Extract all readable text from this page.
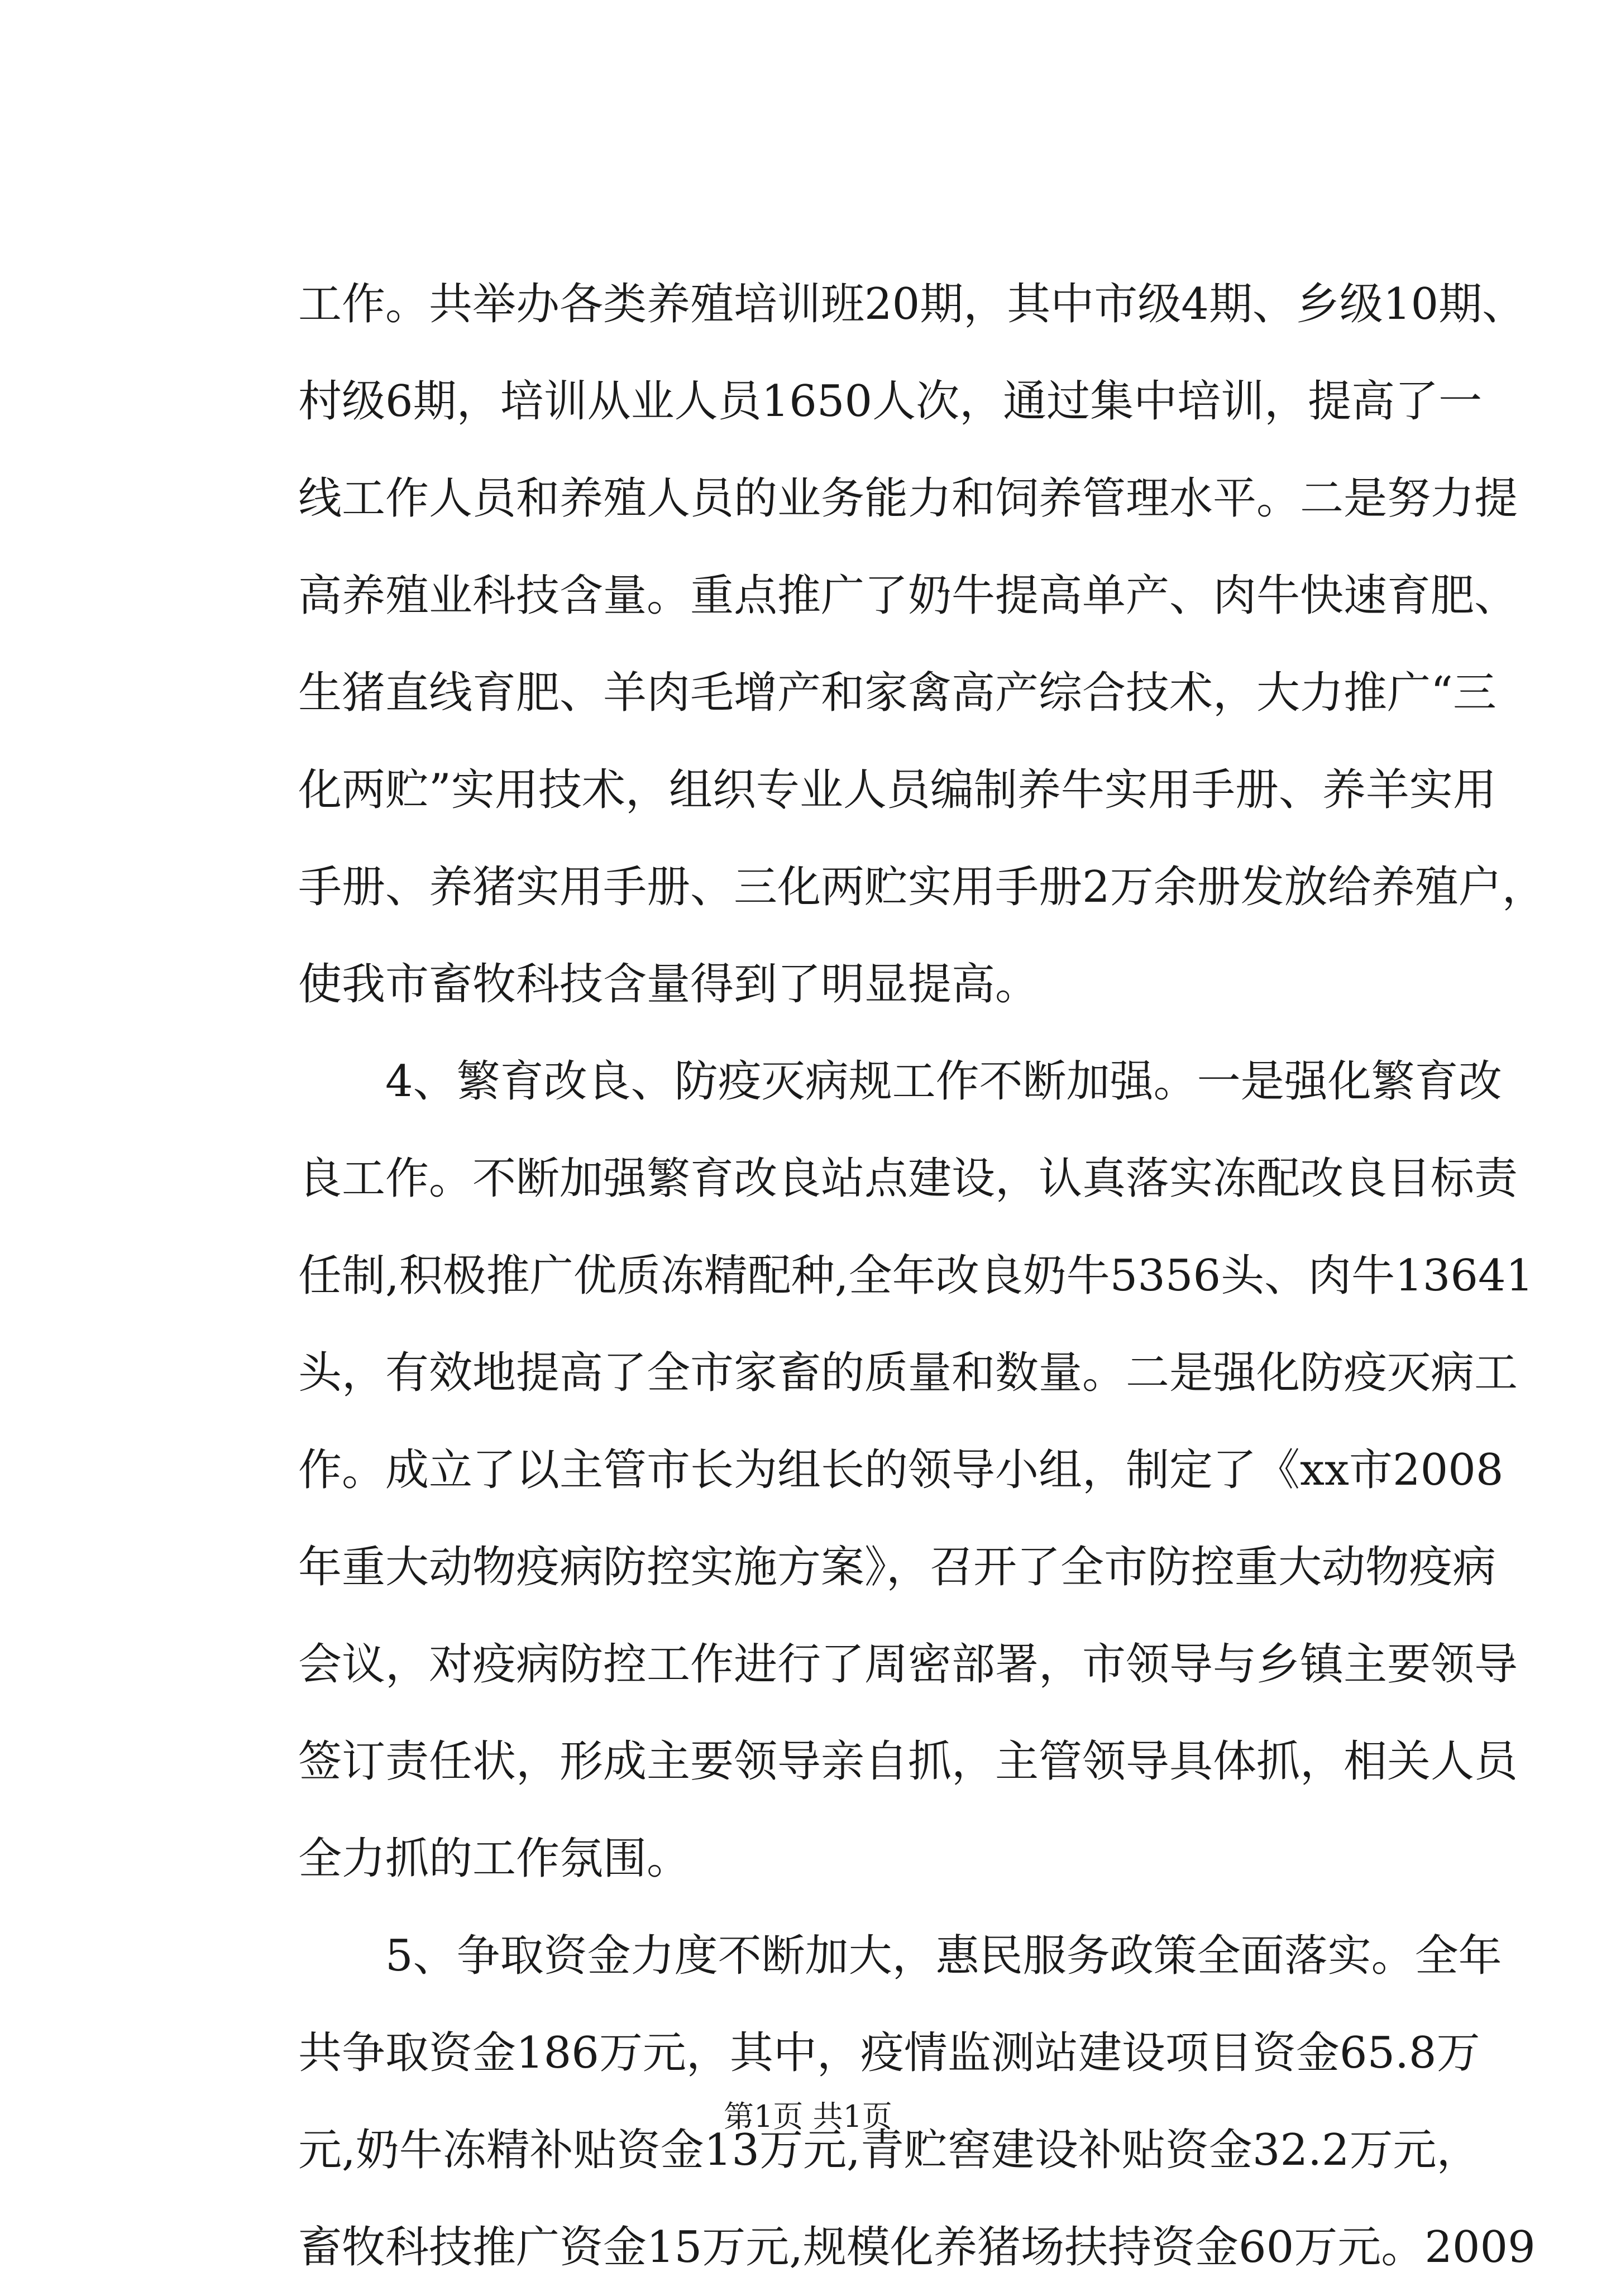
工作。共举办各类养殖培训班20期，其中市级4期、乡级10期、
村级6期，培训从业人员1650人次，通过集中培训，提高了一
线工作人员和养殖人员的业务能力和饲养管理水平。二是努力提
高养殖业科技含量。重点推广了奶牛提高单产、肉牛快速育肥、
生猪直线育肥、羊肉毛增产和家禽高产综合技术，大力推广“三
化两贮”实用技术，组织专业人员编制养牛实用手册、养羊实用
手册、养猪实用手册、三化两贮实用手册2万余册发放给养殖户，
使我市畜牧科技含量得到了明显提高。
4、繁育改良、防疫灭病规工作不断加强。一是强化繁育改
良工作。不断加强繁育改良站点建设，认真落实冻配改良目标责
任制,积极推广优质冻精配种,全年改良奶牛5356头、肉牛13641
头，有效地提高了全市家畜的质量和数量。二是强化防疫灭病工
作。成立了以主管市长为组长的领导小组，制定了《xx市2008
年重大动物疫病防控实施方案》，召开了全市防控重大动物疫病
会议，对疫病防控工作进行了周密部署，市领导与乡镇主要领导
签订责任状，形成主要领导亲自抓，主管领导具体抓，相关人员
全力抓的工作氛围。
5、争取资金力度不断加大，惠民服务政策全面落实。全年
共争取资金186万元，其中，疫情监测站建设项目资金65.8万
元,奶牛冻精补贴资金13万元,青贮窖建设补贴资金32.2万元，
畜牧科技推广资金15万元,规模化养猪场扶持资金60万元。2009
第1页 共1页
